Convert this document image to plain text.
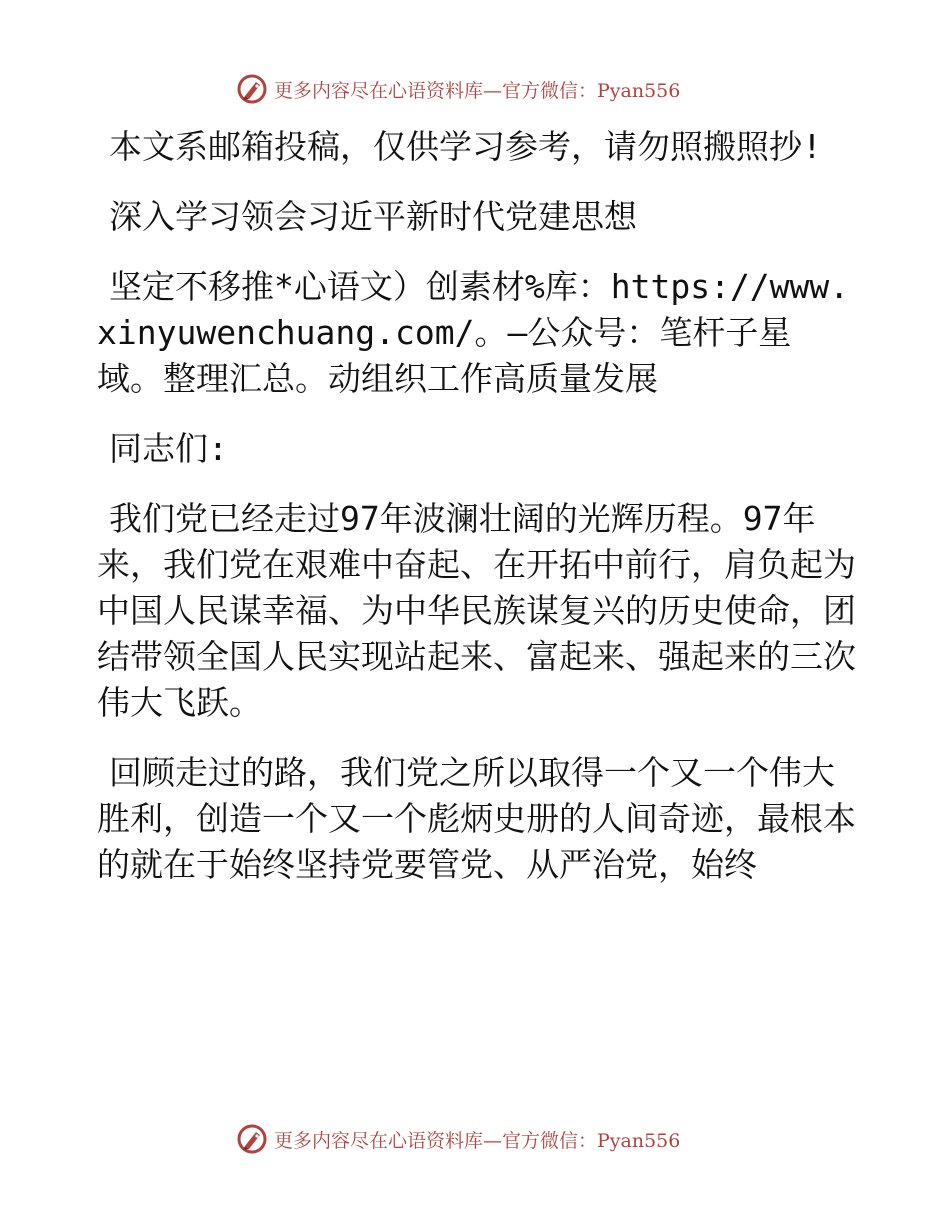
更多内容尽在心语资料库—官方微信：Pyan556

本文系邮箱投稿，仅供学习参考，请勿照搬照抄!

深入学习领会习近平新时代党建思想

坚定不移推*心语文）创素材%库：https://www.xinyuwenchuang.com/。—公众号：笔杆子星域。整理汇总。动组织工作高质量发展

同志们:

我们党已经走过97年波澜壮阔的光辉历程。97年来，我们党在艰难中奋起、在开拓中前行，肩负起为中国人民谋幸福、为中华民族谋复兴的历史使命，团结带领全国人民实现站起来、富起来、强起来的三次伟大飞跃。

回顾走过的路，我们党之所以取得一个又一个伟大胜利，创造一个又一个彪炳史册的人间奇迹，最根本的就在于始终坚持党要管党、从严治党，始终

更多内容尽在心语资料库—官方微信：Pyan556
